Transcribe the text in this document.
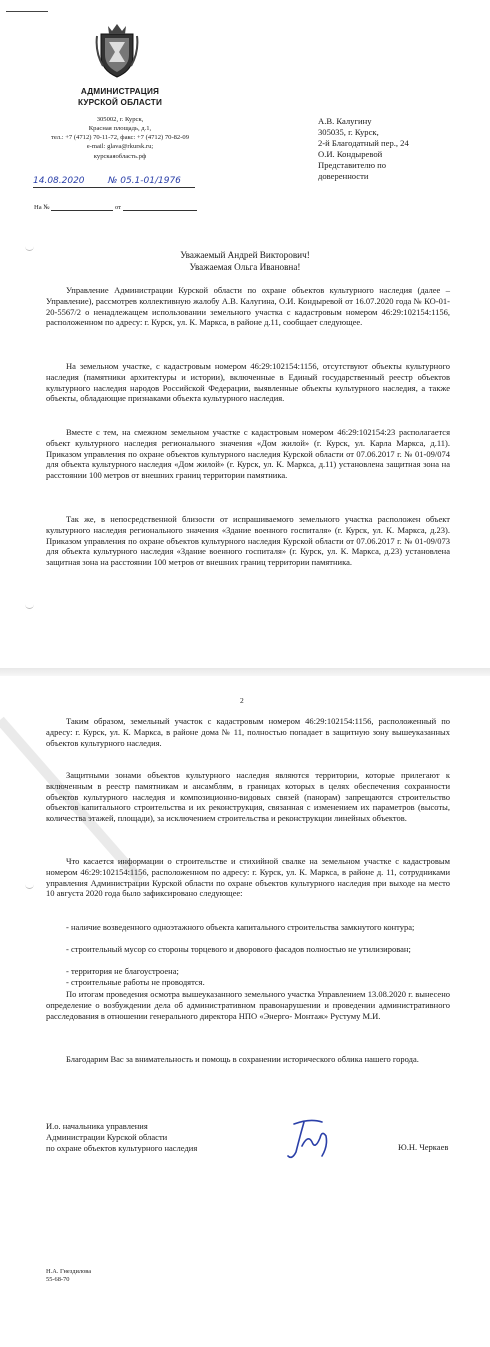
АДМИНИСТРАЦИЯ
КУРСКОЙ ОБЛАСТИ
305002, г. Курск,
Красная площадь, д.1,
тел.: +7 (4712) 70-11-72, факс: +7 (4712) 70-82-09
e-mail: glava@rkursk.ru;
курскаяобласть.рф
14.08.2020	№ 05.1-01/1976
На №	от
А.В. Калугину
305035, г. Курск,
2-й Благодатный пер., 24
О.И. Кондыревой
Представителю по
доверенности
Уважаемый Андрей Викторович!
Уважаемая Ольга Ивановна!

Управление Администрации Курской области по охране объектов культурного наследия (далее – Управление), рассмотрев коллективную жалобу А.В. Калугина, О.И. Кондыревой от 16.07.2020 года № КО-01-20-5567/2 о ненадлежащем использовании земельного участка с кадастровым номером 46:29:102154:1156, расположенном по адресу: г. Курск, ул. К. Маркса, в районе д.11, сообщает следующее.

На земельном участке, с кадастровым номером 46:29:102154:1156, отсутствуют объекты культурного наследия (памятники архитектуры и истории), включенные в Единый государственный реестр объектов культурного наследия народов Российской Федерации, выявленные объекты культурного наследия, а также объекты, обладающие признаками объекта культурного наследия.

Вместе с тем, на смежном земельном участке с кадастровым номером 46:29:102154:23 располагается объект культурного наследия регионального значения «Дом жилой» (г. Курск, ул. Карла Маркса, д.11). Приказом управления по охране объектов культурного наследия Курской области от 07.06.2017 г. № 01-09/074 для объекта культурного наследия «Дом жилой» (г. Курск, ул. К. Маркса, д.11) установлена защитная зона на расстоянии 100 метров от внешних границ территории памятника.

Так же, в непосредственной близости от испрашиваемого земельного участка расположен объект культурного наследия регионального значения «Здание военного госпиталя» (г. Курск, ул. К. Маркса, д.23). Приказом управления по охране объектов культурного наследия Курской области от 07.06.2017 г. № 01-09/073 для объекта культурного наследия «Здание военного госпиталя» (г. Курск, ул. К. Маркса, д.23) установлена защитная зона на расстоянии 100 метров от внешних границ территории памятника.

2

Таким образом, земельный участок с кадастровым номером 46:29:102154:1156, расположенный по адресу: г. Курск, ул. К. Маркса, в районе дома № 11, полностью попадает в защитную зону вышеуказанных объектов культурного наследия.

Защитными зонами объектов культурного наследия являются территории, которые прилегают к включенным в реестр памятникам и ансамблям, в границах которых в целях обеспечения сохранности объектов культурного наследия и композиционно-видовых связей (панорам) запрещаются строительство объектов капитального строительства и их реконструкция, связанная с изменением их параметров (высоты, количества этажей, площади), за исключением строительства и реконструкции линейных объектов.

Что касается информации о строительстве и стихийной свалке на земельном участке с кадастровым номером 46:29:102154:1156, расположенном по адресу: г. Курск, ул. К. Маркса, в районе д. 11, сотрудниками управления Администрации Курской области по охране объектов культурного наследия при выходе на место 10 августа 2020 года было зафиксировано следующее:

- наличие возведенного одноэтажного объекта капитального строительства замкнутого контура;

- строительный мусор со стороны торцевого и дворового фасадов полностью не утилизирован;

- территория не благоустроена;

- строительные работы не проводятся.

По итогам проведения осмотра вышеуказанного земельного участка Управлением 13.08.2020 г. вынесено определение о возбуждении дела об административном правонарушении и проведении административного расследования в отношении генерального директора НПО «Энерго- Монтаж» Рустуму М.И.

Благодарим Вас за внимательность и помощь в сохранении исторического облика нашего города.

И.о. начальника управления
Администрации Курской области
по охране объектов культурного наследия	Ю.Н. Черкаев
Н.А. Гнездилова
55-68-70
